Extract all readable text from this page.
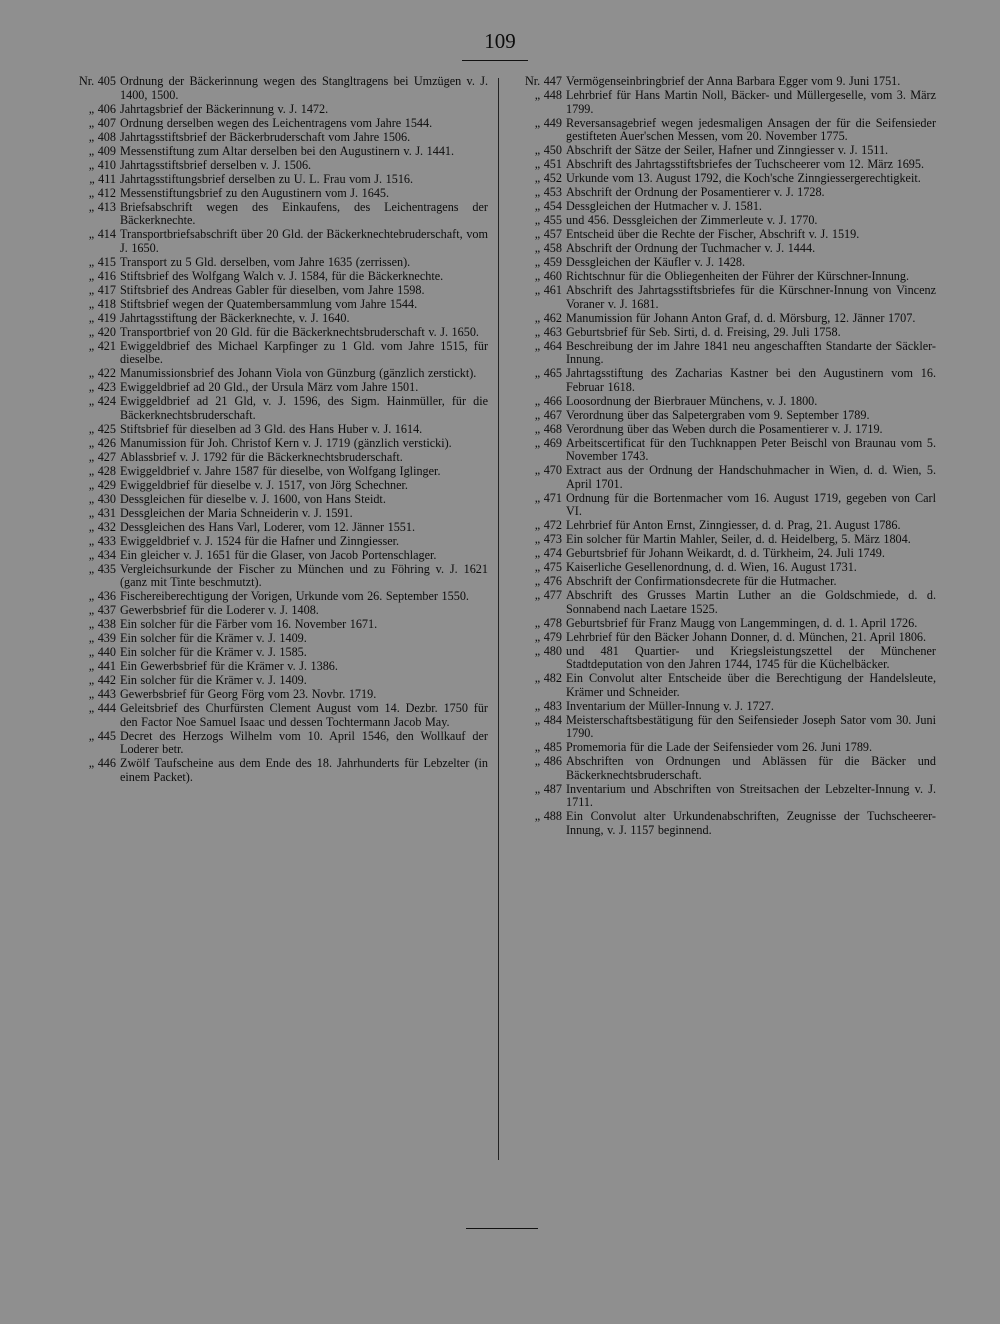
109
Nr. 405 Ordnung der Bäckerinnung wegen des Stangltragens bei Umzügen v. J. 1400, 1500.
„ 406 Jahrtagsbrief der Bäckerinnung v. J. 1472.
„ 407 Ordnung derselben wegen des Leichentragens vom Jahre 1544.
„ 408 Jahrtagsstiftsbrief der Bäckerbruderschaft vom Jahre 1506.
„ 409 Messenstiftung zum Altar derselben bei den Augustinern v. J. 1441.
„ 410 Jahrtagsstiftsbrief derselben v. J. 1506.
„ 411 Jahrtagsstiftungsbrief derselben zu U. L. Frau vom J. 1516.
„ 412 Messenstiftungsbrief zu den Augustinern vom J. 1645.
„ 413 Briefsabschrift wegen des Einkaufens, des Leichentragens der Bäckerknechte.
„ 414 Transportbriefsabschrift über 20 Gld. der Bäckerknechtebruderschaft, vom J. 1650.
„ 415 Transport zu 5 Gld. derselben, vom Jahre 1635 (zerrissen).
„ 416 Stiftsbrief des Wolfgang Walch v. J. 1584, für die Bäckerknechte.
„ 417 Stiftsbrief des Andreas Gabler für dieselben, vom Jahre 1598.
„ 418 Stiftsbrief wegen der Quatembersammlung vom Jahre 1544.
„ 419 Jahrtagsstiftung der Bäckerknechte, v. J. 1640.
„ 420 Transportbrief von 20 Gld. für die Bäckerknechtsbruderschaft v. J. 1650.
„ 421 Ewiggeldbrief des Michael Karpfinger zu 1 Gld. vom Jahre 1515, für dieselbe.
„ 422 Manumissionsbrief des Johann Viola von Günzburg (gänzlich zerstickt).
„ 423 Ewiggeldbrief ad 20 Gld., der Ursula März vom Jahre 1501.
„ 424 Ewiggeldbrief ad 21 Gld, v. J. 1596, des Sigm. Hainmüller, für die Bäckerknechtsbruderschaft.
„ 425 Stiftsbrief für dieselben ad 3 Gld. des Hans Huber v. J. 1614.
„ 426 Manumission für Joh. Christof Kern v. J. 1719 (gänzlich versticki).
„ 427 Ablassbrief v. J. 1792 für die Bäckerknechtsbruderschaft.
„ 428 Ewiggeldbrief v. Jahre 1587 für dieselbe, von Wolfgang Iglinger.
„ 429 Ewiggeldbrief für dieselbe v. J. 1517, von Jörg Schechner.
„ 430 Dessgleichen für dieselbe v. J. 1600, von Hans Steidt.
„ 431 Dessgleichen der Maria Schneiderin v. J. 1591.
„ 432 Dessgleichen des Hans Varl, Loderer, vom 12. Jänner 1551.
„ 433 Ewiggeldbrief v. J. 1524 für die Hafner und Zinngiesser.
„ 434 Ein gleicher v. J. 1651 für die Glaser, von Jacob Portenschlager.
„ 435 Vergleichsurkunde der Fischer zu München und zu Föhring v. J. 1621 (ganz mit Tinte beschmutzt).
„ 436 Fischereiberechtigung der Vorigen, Urkunde vom 26. September 1550.
„ 437 Gewerbsbrief für die Loderer v. J. 1408.
„ 438 Ein solcher für die Färber vom 16. November 1671.
„ 439 Ein solcher für die Krämer v. J. 1409.
„ 440 Ein solcher für die Krämer v. J. 1585.
„ 441 Ein Gewerbsbrief für die Krämer v. J. 1386.
„ 442 Ein solcher für die Krämer v. J. 1409.
„ 443 Gewerbsbrief für Georg Förg vom 23. Novbr. 1719.
„ 444 Geleitsbrief des Churfürsten Clement August vom 14. Dezbr. 1750 für den Factor Noe Samuel Isaac und dessen Tochtermann Jacob May.
„ 445 Decret des Herzogs Wilhelm vom 10. April 1546, den Wollkauf der Loderer betr.
„ 446 Zwölf Taufscheine aus dem Ende des 18. Jahrhunderts für Lebzelter (in einem Packet).
Nr. 447 Vermögenseinbringbrief der Anna Barbara Egger vom 9. Juni 1751.
„ 448 Lehrbrief für Hans Martin Noll, Bäcker- und Müllergeselle, vom 3. März 1799.
„ 449 Reversansagebrief wegen jedesmaligen Ansagen der für die Seifensieder gestifteten Auer'schen Messen, vom 20. November 1775.
„ 450 Abschrift der Sätze der Seiler, Hafner und Zinngiesser v. J. 1511.
„ 451 Abschrift des Jahrtagsstiftsbriefes der Tuchscheerer vom 12. März 1695.
„ 452 Urkunde vom 13. August 1792, die Koch'sche Zinngiessergerechtigkeit.
„ 453 Abschrift der Ordnung der Posamentierer v. J. 1728.
„ 454 Dessgleichen der Hutmacher v. J. 1581.
„ 455 und 456. Dessgleichen der Zimmerleute v. J. 1770.
„ 457 Entscheid über die Rechte der Fischer, Abschrift v. J. 1519.
„ 458 Abschrift der Ordnung der Tuchmacher v. J. 1444.
„ 459 Dessgleichen der Käufler v. J. 1428.
„ 460 Richtschnur für die Obliegenheiten der Führer der Kürschner-Innung.
„ 461 Abschrift des Jahrtagsstiftsbriefes für die Kürschner-Innung von Vincenz Voraner v. J. 1681.
„ 462 Manumission für Johann Anton Graf, d. d. Mörsburg, 12. Jänner 1707.
„ 463 Geburtsbrief für Seb. Sirti, d. d. Freising, 29. Juli 1758.
„ 464 Beschreibung der im Jahre 1841 neu angeschafften Standarte der Säckler-Innung.
„ 465 Jahrtagsstiftung des Zacharias Kastner bei den Augustinern vom 16. Februar 1618.
„ 466 Loosordnung der Bierbrauer Münchens, v. J. 1800.
„ 467 Verordnung über das Salpetergraben vom 9. September 1789.
„ 468 Verordnung über das Weben durch die Posamentierer v. J. 1719.
„ 469 Arbeitscertificat für den Tuchknappen Peter Beischl von Braunau vom 5. November 1743.
„ 470 Extract aus der Ordnung der Handschuhmacher in Wien, d. d. Wien, 5. April 1701.
„ 471 Ordnung für die Bortenmacher vom 16. August 1719, gegeben von Carl VI.
„ 472 Lehrbrief für Anton Ernst, Zinngiesser, d. d. Prag, 21. August 1786.
„ 473 Ein solcher für Martin Mahler, Seiler, d. d. Heidelberg, 5. März 1804.
„ 474 Geburtsbrief für Johann Weikardt, d. d. Türkheim, 24. Juli 1749.
„ 475 Kaiserliche Gesellenordnung, d. d. Wien, 16. August 1731.
„ 476 Abschrift der Confirmationsdecrete für die Hutmacher.
„ 477 Abschrift des Grusses Martin Luther an die Goldschmiede, d. d. Sonnabend nach Laetare 1525.
„ 478 Geburtsbrief für Franz Maugg von Langemmingen, d. d. 1. April 1726.
„ 479 Lehrbrief für den Bäcker Johann Donner, d. d. München, 21. April 1806.
„ 480 und 481 Quartier- und Kriegsleistungszettel der Münchener Stadtdeputation von den Jahren 1744, 1745 für die Küchelbäcker.
„ 482 Ein Convolut alter Entscheide über die Berechtigung der Handelsleute, Krämer und Schneider.
„ 483 Inventarium der Müller-Innung v. J. 1727.
„ 484 Meisterschaftsbestätigung für den Seifensieder Joseph Sator vom 30. Juni 1790.
„ 485 Promemoria für die Lade der Seifensieder vom 26. Juni 1789.
„ 486 Abschriften von Ordnungen und Ablässen für die Bäcker und Bäckerknechtsbruderschaft.
„ 487 Inventarium und Abschriften von Streitsachen der Lebzelter-Innung v. J. 1711.
„ 488 Ein Convolut alter Urkundenabschriften, Zeugnisse der Tuchscheerer-Innung, v. J. 1157 beginnend.
